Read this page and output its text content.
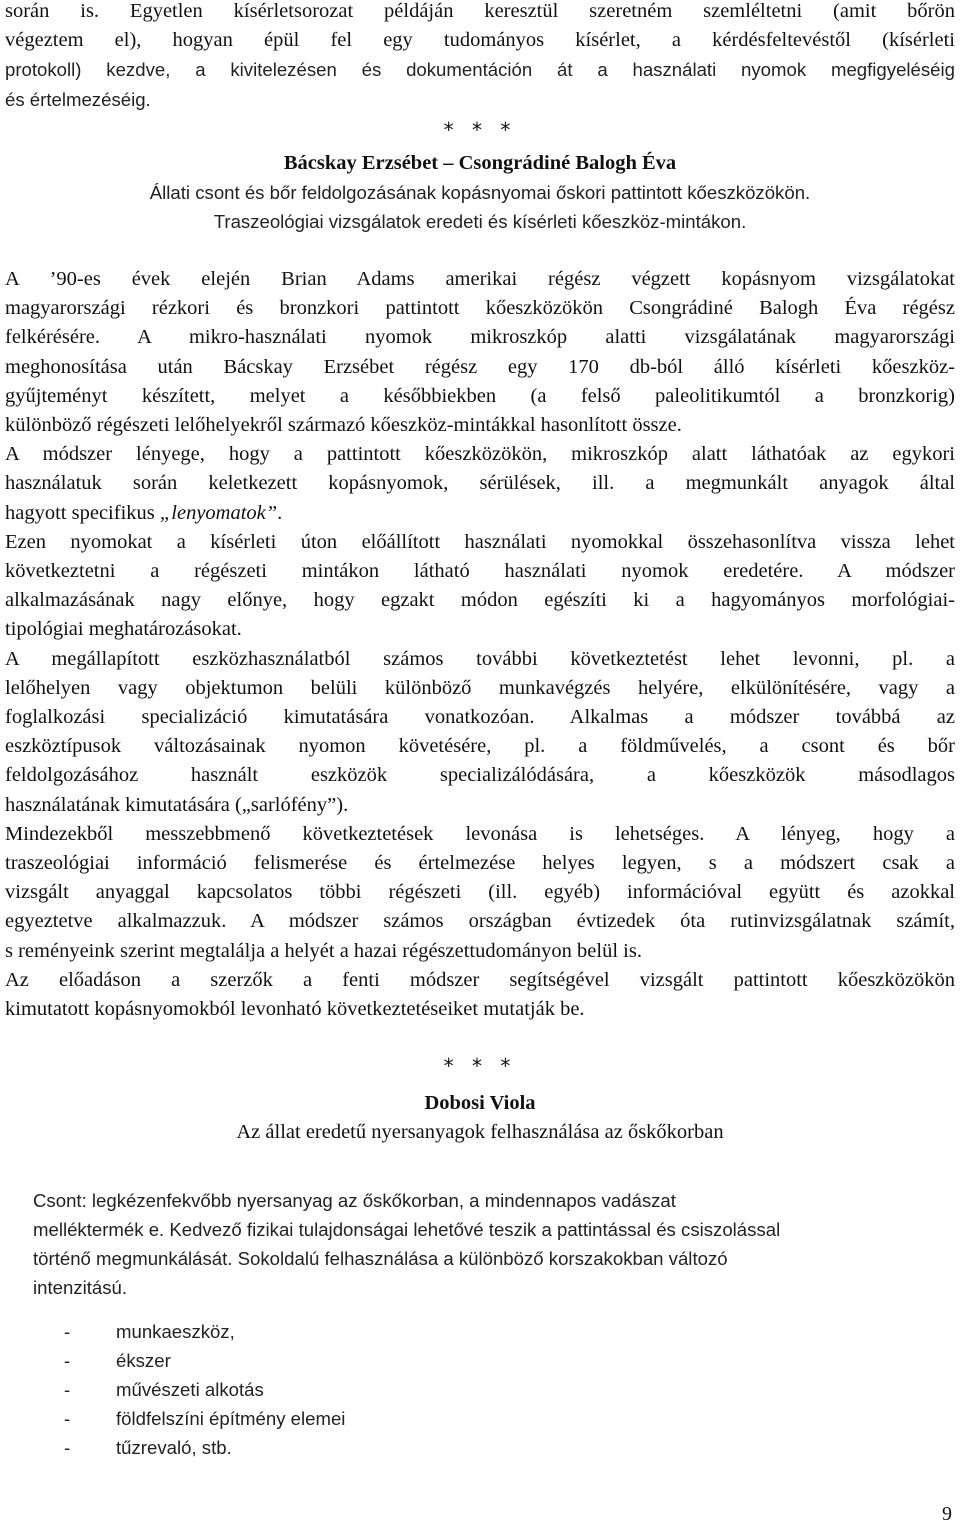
során is. Egyetlen kísérletsorozat példáján keresztül szeretném szemléltetni (amit bőrön
végeztem el), hogyan épül fel egy tudományos kísérlet, a kérdésfeltevéstől (kísérleti
protokoll) kezdve, a kivitelezésen és dokumentáción át a használati nyomok megfigyeléséig
és értelmezéséig.
* * *
Bácskay Erzsébet – Csongrádiné Balogh Éva
Állati csont és bőr feldolgozásának kopásnyomai őskori pattintott kőeszközökön.
Traszeológiai vizsgálatok eredeti és kísérleti kőeszköz-mintákon.
A ’90-es évek elején Brian Adams amerikai régész végzett kopásnyom vizsgálatokat
magyarországi rézkori és bronzkori pattintott kőeszközökön Csongrádiné Balogh Éva régész
felkérésére. A mikro-használati nyomok mikroszkóp alatti vizsgálatának magyarországi
meghonosítása után Bácskay Erzsébet régész egy 170 db-ból álló kísérleti kőeszköz-
gyűjteményt készített, melyet a későbbiekben (a felső paleolitikumtól a bronzkorig)
különböző régészeti lelőhelyekről származó kőeszköz-mintákkal hasonlított össze.
A módszer lényege, hogy a pattintott kőeszközökön, mikroszkóp alatt láthatóak az egykori
használatuk során keletkezett kopásnyomok, sérülések, ill. a megmunkált anyagok által
hagyott specifikus „lenyomatok”.
Ezen nyomokat a kísérleti úton előállított használati nyomokkal összehasonlítva vissza lehet
következtetni a régészeti mintákon látható használati nyomok eredetére. A módszer
alkalmazásának nagy előnye, hogy egzakt módon egészíti ki a hagyományos morfológiai-
tipológiai meghatározásokat.
A megállapított eszközhasználatból számos további következtetést lehet levonni, pl. a
lelőhelyen vagy objektumon belüli különböző munkavégzés helyére, elkülönítésére, vagy a
foglalkozási specializáció kimutatására vonatkozóan. Alkalmas a módszer továbbá az
eszköztípusok változásainak nyomon követésére, pl. a földművelés, a csont és bőr
feldolgozásához használt eszközök specializálódására, a kőeszközök másodlagos
használatának kimutatására („sarlófény”).
Mindezekből messzebbmenő következtetések levonása is lehetséges. A lényeg, hogy a
traszeológiai információ felismerése és értelmezése helyes legyen, s a módszert csak a
vizsgált anyaggal kapcsolatos többi régészeti (ill. egyéb) információval együtt és azokkal
egyeztetve alkalmazzuk. A módszer számos országban évtizedek óta rutinvizsgálatnak számít,
s reményeink szerint megtalálja a helyét a hazai régészettudományon belül is.
Az előadáson a szerzők a fenti módszer segítségével vizsgált pattintott kőeszközökön
kimutatott kopásnyomokból levonható következtetéseiket mutatják be.
* * *
Dobosi Viola
Az állat eredetű nyersanyagok felhasználása az őskőkorban
Csont: legkézenfekvőbb nyersanyag az őskőkorban, a mindennapos vadászat
melléktermék e. Kedvező fizikai tulajdonságai lehetővé teszik a pattintással és csiszolással
történő megmunkálását. Sokoldalú felhasználása a különböző korszakokban változó
intenzitású.
- munkaeszköz,
- ékszer
- művészeti alkotás
- földfelszíni építmény elemei
- tűzrevaló, stb.
9
